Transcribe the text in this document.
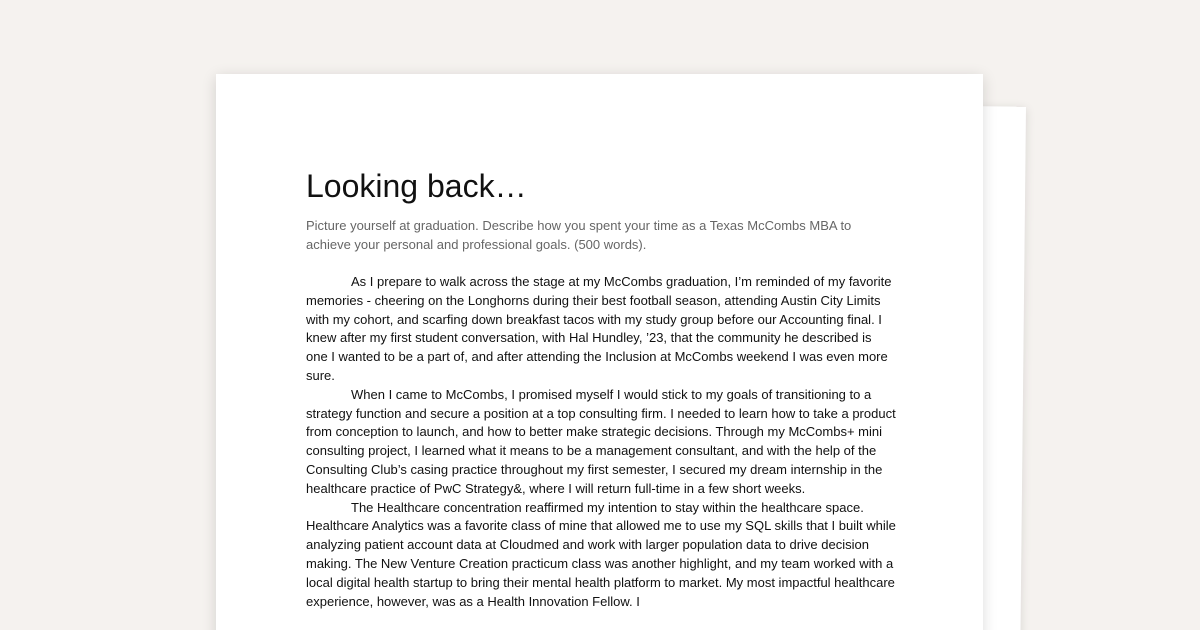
Looking back…

Picture yourself at graduation. Describe how you spent your time as a Texas McCombs MBA to achieve your personal and professional goals. (500 words).

As I prepare to walk across the stage at my McCombs graduation, I’m reminded of my favorite memories - cheering on the Longhorns during their best football season, attending Austin City Limits with my cohort, and scarfing down breakfast tacos with my study group before our Accounting final. I knew after my first student conversation, with Hal Hundley, ’23, that the community he described is one I wanted to be a part of, and after attending the Inclusion at McCombs weekend I was even more sure.

When I came to McCombs, I promised myself I would stick to my goals of transitioning to a strategy function and secure a position at a top consulting firm. I needed to learn how to take a product from conception to launch, and how to better make strategic decisions. Through my McCombs+ mini consulting project, I learned what it means to be a management consultant, and with the help of the Consulting Club’s casing practice throughout my first semester, I secured my dream internship in the healthcare practice of PwC Strategy&, where I will return full-time in a few short weeks.

The Healthcare concentration reaffirmed my intention to stay within the healthcare space. Healthcare Analytics was a favorite class of mine that allowed me to use my SQL skills that I built while analyzing patient account data at Cloudmed and work with larger population data to drive decision making. The New Venture Creation practicum class was another highlight, and my team worked with a local digital health startup to bring their mental health platform to market. My most impactful healthcare experience, however, was as a Health Innovation Fellow. I
